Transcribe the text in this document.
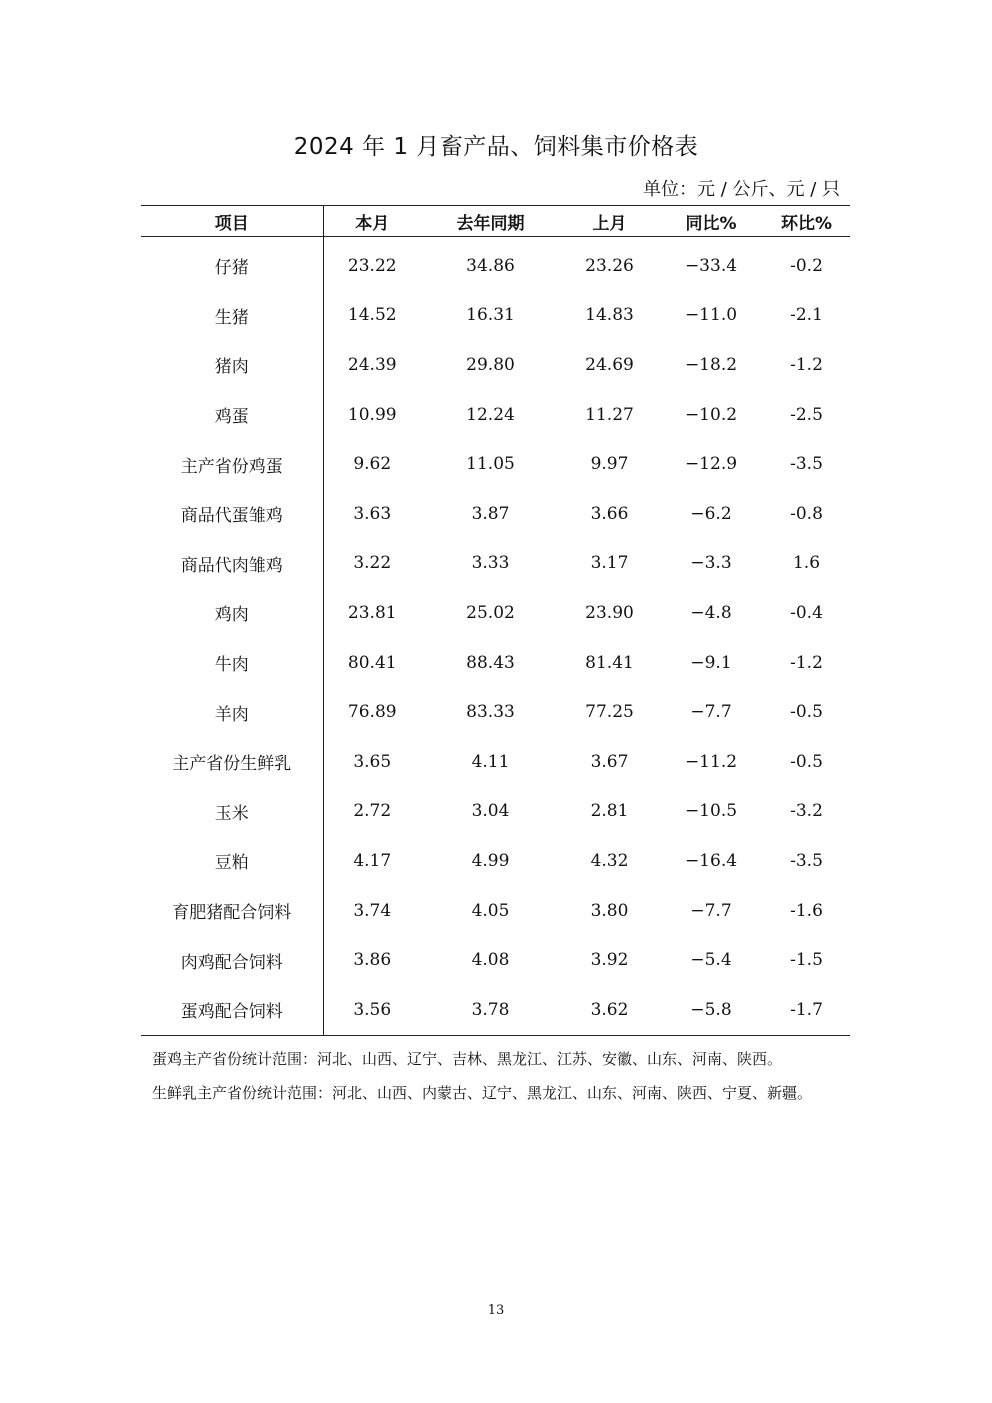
2024 年 1 月畜产品、饲料集市价格表
单位：元 / 公斤、元 / 只
项目	本月	去年同期	上月	同比%	环比%
仔猪	23.22	34.86	23.26	−33.4	-0.2
生猪	14.52	16.31	14.83	−11.0	-2.1
猪肉	24.39	29.80	24.69	−18.2	-1.2
鸡蛋	10.99	12.24	11.27	−10.2	-2.5
主产省份鸡蛋	9.62	11.05	9.97	−12.9	-3.5
商品代蛋雏鸡	3.63	3.87	3.66	−6.2	-0.8
商品代肉雏鸡	3.22	3.33	3.17	−3.3	1.6
鸡肉	23.81	25.02	23.90	−4.8	-0.4
牛肉	80.41	88.43	81.41	−9.1	-1.2
羊肉	76.89	83.33	77.25	−7.7	-0.5
主产省份生鲜乳	3.65	4.11	3.67	−11.2	-0.5
玉米	2.72	3.04	2.81	−10.5	-3.2
豆粕	4.17	4.99	4.32	−16.4	-3.5
育肥猪配合饲料	3.74	4.05	3.80	−7.7	-1.6
肉鸡配合饲料	3.86	4.08	3.92	−5.4	-1.5
蛋鸡配合饲料	3.56	3.78	3.62	−5.8	-1.7

蛋鸡主产省份统计范围：河北、山西、辽宁、吉林、黑龙江、江苏、安徽、山东、河南、陕西。

生鲜乳主产省份统计范围：河北、山西、内蒙古、辽宁、黑龙江、山东、河南、陕西、宁夏、新疆。

13
